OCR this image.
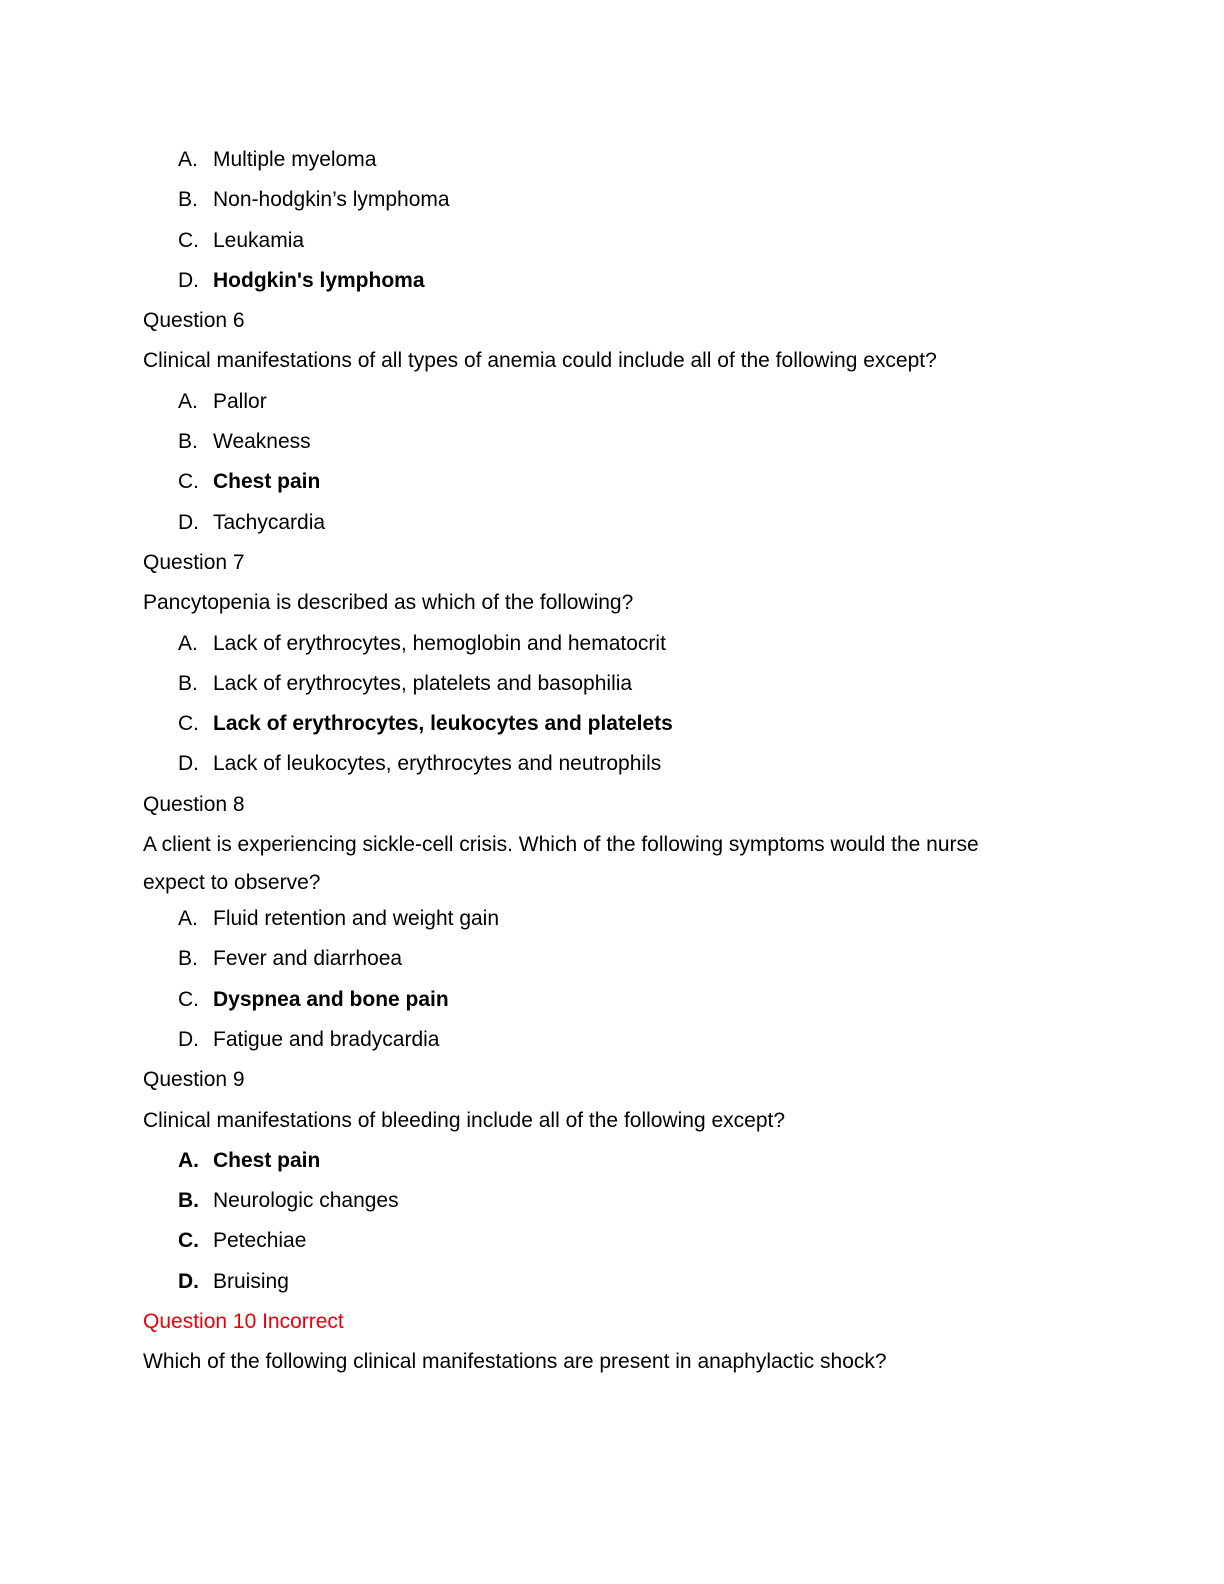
A. Multiple myeloma
B. Non-hodgkin’s lymphoma
C. Leukamia
D. Hodgkin's lymphoma
Question 6
Clinical manifestations of all types of anemia could include all of the following except?
A. Pallor
B. Weakness
C. Chest pain
D. Tachycardia
Question 7
Pancytopenia is described as which of the following?
A. Lack of erythrocytes, hemoglobin and hematocrit
B. Lack of erythrocytes, platelets and basophilia
C. Lack of erythrocytes, leukocytes and platelets
D. Lack of leukocytes, erythrocytes and neutrophils
Question 8
A client is experiencing sickle-cell crisis. Which of the following symptoms would the nurse expect to observe?
A. Fluid retention and weight gain
B. Fever and diarrhoea
C. Dyspnea and bone pain
D. Fatigue and bradycardia
Question 9
Clinical manifestations of bleeding include all of the following except?
A. Chest pain
B. Neurologic changes
C. Petechiae
D. Bruising
Question 10 Incorrect
Which of the following clinical manifestations are present in anaphylactic shock?
